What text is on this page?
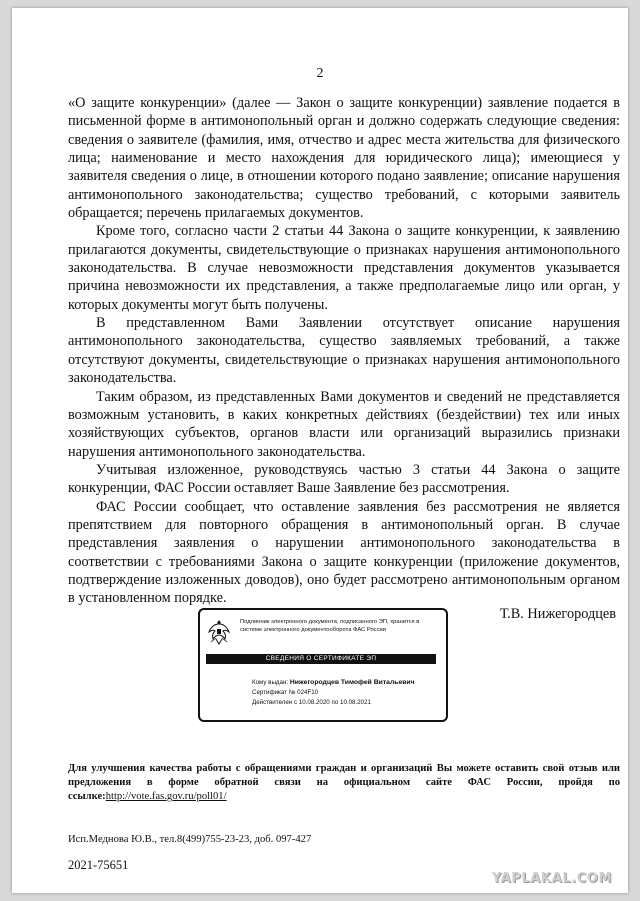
2

«О защите конкуренции» (далее — Закон о защите конкуренции) заявление подается в письменной форме в антимонопольный орган и должно содержать следующие сведения: сведения о заявителе (фамилия, имя, отчество и адрес места жительства для физического лица; наименование и место нахождения для юридического лица); имеющиеся у заявителя сведения о лице, в отношении которого подано заявление; описание нарушения антимонопольного законодательства; существо требований, с которыми заявитель обращается; перечень прилагаемых документов.

Кроме того, согласно части 2 статьи 44 Закона о защите конкуренции, к заявлению прилагаются документы, свидетельствующие о признаках нарушения антимонопольного законодательства. В случае невозможности представления документов указывается причина невозможности их представления, а также предполагаемые лицо или орган, у которых документы могут быть получены.

В представленном Вами Заявлении отсутствует описание нарушения антимонопольного законодательства, существо заявляемых требований, а также отсутствуют документы, свидетельствующие о признаках нарушения антимонопольного законодательства.

Таким образом, из представленных Вами документов и сведений не представляется возможным установить, в каких конкретных действиях (бездействии) тех или иных хозяйствующих субъектов, органов власти или организаций выразились признаки нарушения антимонопольного законодательства.

Учитывая изложенное, руководствуясь частью 3 статьи 44 Закона о защите конкуренции, ФАС России оставляет Ваше Заявление без рассмотрения.

ФАС России сообщает, что оставление заявления без рассмотрения не является препятствием для повторного обращения в антимонопольный орган. В случае представления заявления о нарушении антимонопольного законодательства в соответствии с требованиями Закона о защите конкуренции (приложение документов, подтверждение изложенных доводов), оно будет рассмотрено антимонопольным органом в установленном порядке.

Т.В. Нижегородцев
Подлинник электронного документа, подписанного ЭП, хранится в системе электронного документооборота ФАС России
СВЕДЕНИЯ О СЕРТИФИКАТЕ ЭП
Кому выдан: Нижегородцев Тимофей Витальевич
Сертификат № 024F10
Действителен с 10.08.2020 по 10.08.2021
Для улучшения качества работы с обращениями граждан и организаций Вы можете оставить свой отзыв или предложения в форме обратной связи на официальном сайте ФАС России, пройдя по ссылке:http://vote.fas.gov.ru/poll01/
Исп.Меднова Ю.В., тел.8(499)755-23-23, доб. 097-427
2021-75651
YAPLAKAL.COM
